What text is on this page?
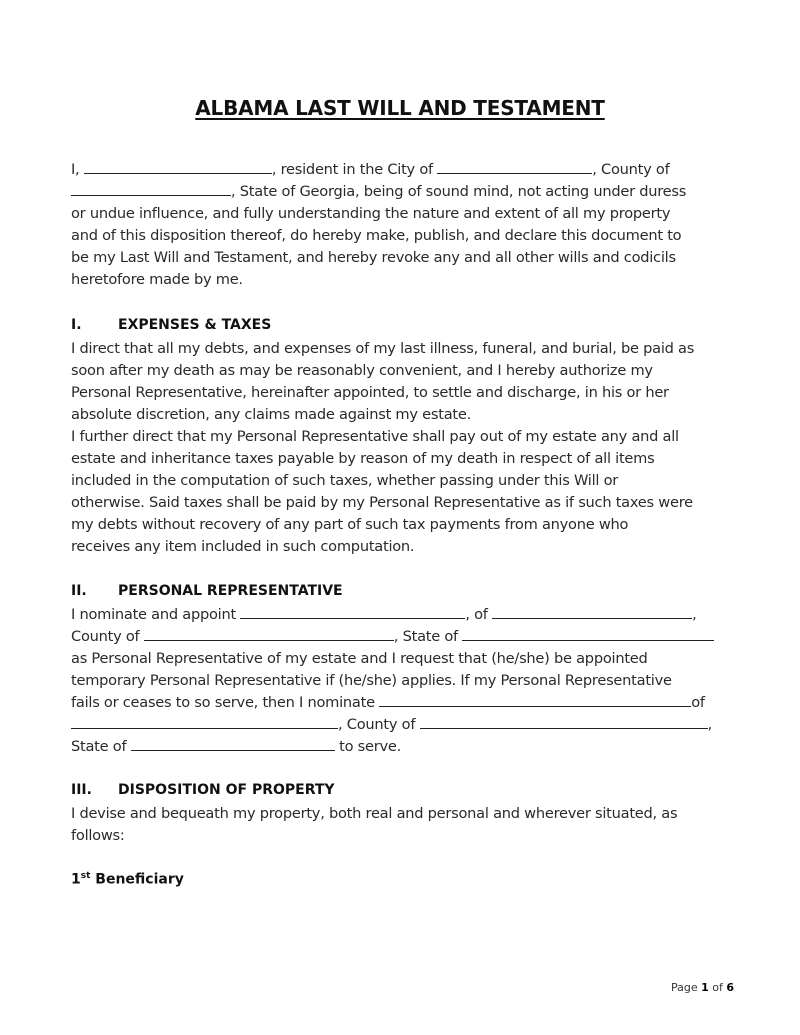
ALBAMA LAST WILL AND TESTAMENT
I,	, resident in the City of	, County of
, State of Georgia, being of sound mind, not acting under duress
or undue influence, and fully understanding the nature and extent of all my property
and of this disposition thereof, do hereby make, publish, and declare this document to
be my Last Will and Testament, and hereby revoke any and all other wills and codicils
heretofore made by me.
I.	EXPENSES & TAXES
I direct that all my debts, and expenses of my last illness, funeral, and burial, be paid as
soon after my death as may be reasonably convenient, and I hereby authorize my
Personal Representative, hereinafter appointed, to settle and discharge, in his or her
absolute discretion, any claims made against my estate.
I further direct that my Personal Representative shall pay out of my estate any and all
estate and inheritance taxes payable by reason of my death in respect of all items
included in the computation of such taxes, whether passing under this Will or
otherwise. Said taxes shall be paid by my Personal Representative as if such taxes were
my debts without recovery of any part of such tax payments from anyone who
receives any item included in such computation.
II. PERSONAL REPRESENTATIVE
I nominate and appoint	, of	,
County of	, State of
as Personal Representative of my estate and I request that (he/she) be appointed
temporary Personal Representative if (he/she) applies. If my Personal Representative
fails or ceases to so serve, then I nominate	of
, County of	,
State of	to serve.
III. DISPOSITION OF PROPERTY
I devise and bequeath my property, both real and personal and wherever situated, as
follows:
1st Beneficiary
Page 1 of 6
